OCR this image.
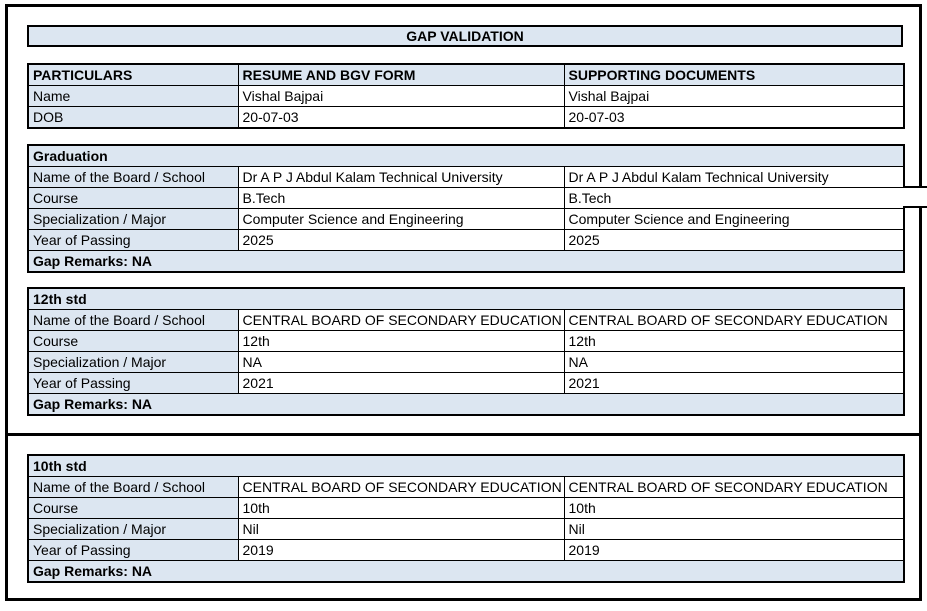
GAP VALIDATION
PARTICULARS	RESUME AND BGV FORM	SUPPORTING DOCUMENTS
Name	Vishal Bajpai	Vishal Bajpai
DOB	20-07-03	20-07-03
Graduation		
Name of the Board / School	Dr A P J Abdul Kalam Technical University	Dr A P J Abdul Kalam Technical University
Course	B.Tech	B.Tech
Specialization / Major	Computer Science and Engineering	Computer Science and Engineering
Year of Passing	2025	2025
Gap Remarks: NA		
12th std		
Name of the Board / School	CENTRAL BOARD OF SECONDARY EDUCATION	CENTRAL BOARD OF SECONDARY EDUCATION
Course	12th	12th
Specialization / Major	NA	NA
Year of Passing	2021	2021
Gap Remarks: NA		
10th std		
Name of the Board / School	CENTRAL BOARD OF SECONDARY EDUCATION	CENTRAL BOARD OF SECONDARY EDUCATION
Course	10th	10th
Specialization / Major	Nil	Nil
Year of Passing	2019	2019
Gap Remarks: NA		
